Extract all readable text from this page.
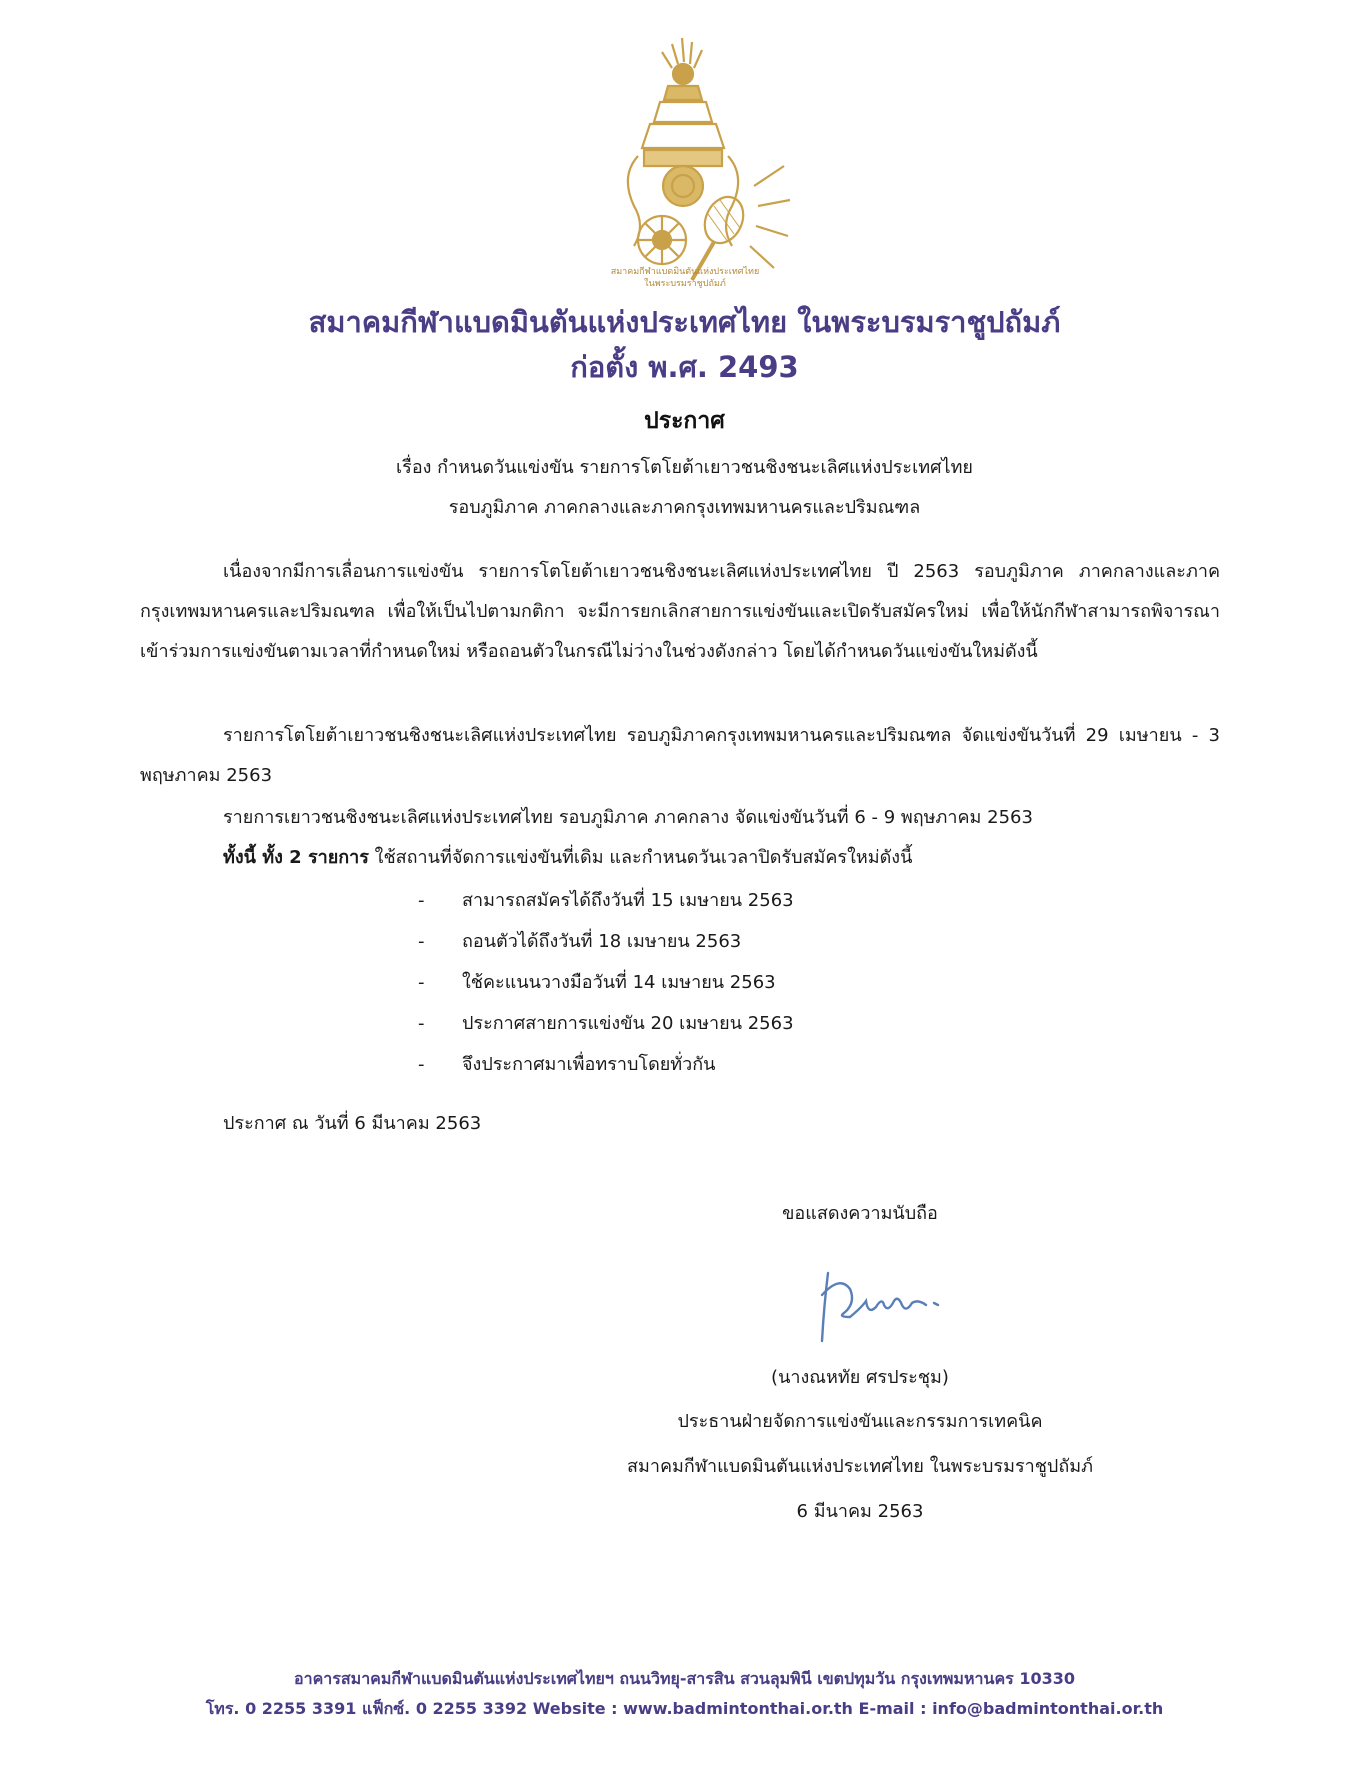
สมาคมกีฬาแบดมินตันแห่งประเทศไทย
ในพระบรมราชูปถัมภ์
สมาคมกีฬาแบดมินตันแห่งประเทศไทย ในพระบรมราชูปถัมภ์
ก่อตั้ง พ.ศ. 2493
ประกาศ
เรื่อง กำหนดวันแข่งขัน รายการโตโยต้าเยาวชนชิงชนะเลิศแห่งประเทศไทย
รอบภูมิภาค ภาคกลางและภาคกรุงเทพมหานครและปริมณฑล
เนื่องจากมีการเลื่อนการแข่งขัน รายการโตโยต้าเยาวชนชิงชนะเลิศแห่งประเทศไทย ปี 2563 รอบภูมิภาค ภาคกลางและภาคกรุงเทพมหานครและปริมณฑล เพื่อให้เป็นไปตามกติกา จะมีการยกเลิกสายการแข่งขันและเปิดรับสมัครใหม่ เพื่อให้นักกีฬาสามารถพิจารณาเข้าร่วมการแข่งขันตามเวลาที่กำหนดใหม่ หรือถอนตัวในกรณีไม่ว่างในช่วงดังกล่าว โดยได้กำหนดวันแข่งขันใหม่ดังนี้
รายการโตโยต้าเยาวชนชิงชนะเลิศแห่งประเทศไทย รอบภูมิภาคกรุงเทพมหานครและปริมณฑล จัดแข่งขันวันที่ 29 เมษายน - 3 พฤษภาคม 2563
รายการเยาวชนชิงชนะเลิศแห่งประเทศไทย รอบภูมิภาค ภาคกลาง จัดแข่งขันวันที่ 6 - 9 พฤษภาคม 2563
ทั้งนี้ ทั้ง 2 รายการ ใช้สถานที่จัดการแข่งขันที่เดิม และกำหนดวันเวลาปิดรับสมัครใหม่ดังนี้
- สามารถสมัครได้ถึงวันที่ 15 เมษายน 2563
- ถอนตัวได้ถึงวันที่ 18 เมษายน 2563
- ใช้คะแนนวางมือวันที่ 14 เมษายน 2563
- ประกาศสายการแข่งขัน 20 เมษายน 2563
- จึงประกาศมาเพื่อทราบโดยทั่วกัน
ประกาศ ณ วันที่ 6 มีนาคม 2563
ขอแสดงความนับถือ
(นางณหทัย ศรประชุม)
ประธานฝ่ายจัดการแข่งขันและกรรมการเทคนิค
สมาคมกีฬาแบดมินตันแห่งประเทศไทย ในพระบรมราชูปถัมภ์
6 มีนาคม 2563
อาคารสมาคมกีฬาแบดมินตันแห่งประเทศไทยฯ ถนนวิทยุ-สารสิน สวนลุมพินี เขตปทุมวัน กรุงเทพมหานคร 10330
โทร. 0 2255 3391 แฟ็กซ์. 0 2255 3392 Website : www.badmintonthai.or.th E-mail : info@badmintonthai.or.th
